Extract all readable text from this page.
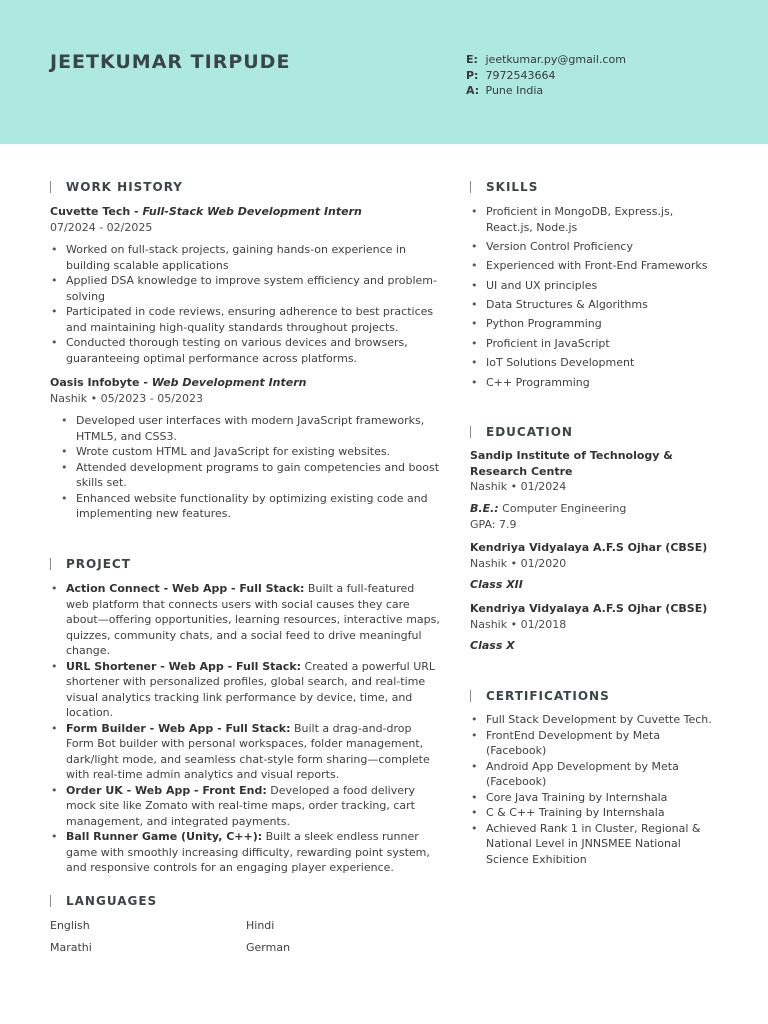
JEETKUMAR TIRPUDE	E: jeetkumar.py@gmail.com
P: 7972543664
A: Pune India
WORK HISTORY
Cuvette Tech - Full-Stack Web Development Intern
07/2024 - 02/2025
• Worked on full-stack projects, gaining hands-on experience in building scalable applications
• Applied DSA knowledge to improve system efficiency and problem-solving
• Participated in code reviews, ensuring adherence to best practices and maintaining high-quality standards throughout projects.
• Conducted thorough testing on various devices and browsers, guaranteeing optimal performance across platforms.
Oasis Infobyte - Web Development Intern
Nashik • 05/2023 - 05/2023
• Developed user interfaces with modern JavaScript frameworks, HTML5, and CSS3.
• Wrote custom HTML and JavaScript for existing websites.
• Attended development programs to gain competencies and boost skills set.
• Enhanced website functionality by optimizing existing code and implementing new features.
PROJECT
• Action Connect - Web App - Full Stack: Built a full-featured web platform that connects users with social causes they care about—offering opportunities, learning resources, interactive maps, quizzes, community chats, and a social feed to drive meaningful change.
• URL Shortener - Web App - Full Stack: Created a powerful URL shortener with personalized profiles, global search, and real-time visual analytics tracking link performance by device, time, and location.
• Form Builder - Web App - Full Stack: Built a drag-and-drop Form Bot builder with personal workspaces, folder management, dark/light mode, and seamless chat-style form sharing—complete with real-time admin analytics and visual reports.
• Order UK - Web App - Front End: Developed a food delivery mock site like Zomato with real-time maps, order tracking, cart management, and integrated payments.
• Ball Runner Game (Unity, C++): Built a sleek endless runner game with smoothly increasing difficulty, rewarding point system, and responsive controls for an engaging player experience.
LANGUAGES
English	Hindi
Marathi	German
SKILLS
• Proficient in MongoDB, Express.js, React.js, Node.js
• Version Control Proficiency
• Experienced with Front-End Frameworks
• UI and UX principles
• Data Structures & Algorithms
• Python Programming
• Proficient in JavaScript
• IoT Solutions Development
• C++ Programming
EDUCATION
Sandip Institute of Technology & Research Centre
Nashik • 01/2024
B.E.: Computer Engineering
GPA: 7.9
Kendriya Vidyalaya A.F.S Ojhar (CBSE)
Nashik • 01/2020
Class XII
Kendriya Vidyalaya A.F.S Ojhar (CBSE)
Nashik • 01/2018
Class X
CERTIFICATIONS
• Full Stack Development by Cuvette Tech.
• FrontEnd Development by Meta (Facebook)
• Android App Development by Meta (Facebook)
• Core Java Training by Internshala
• C & C++ Training by Internshala
• Achieved Rank 1 in Cluster, Regional & National Level in JNNSMEE National Science Exhibition
